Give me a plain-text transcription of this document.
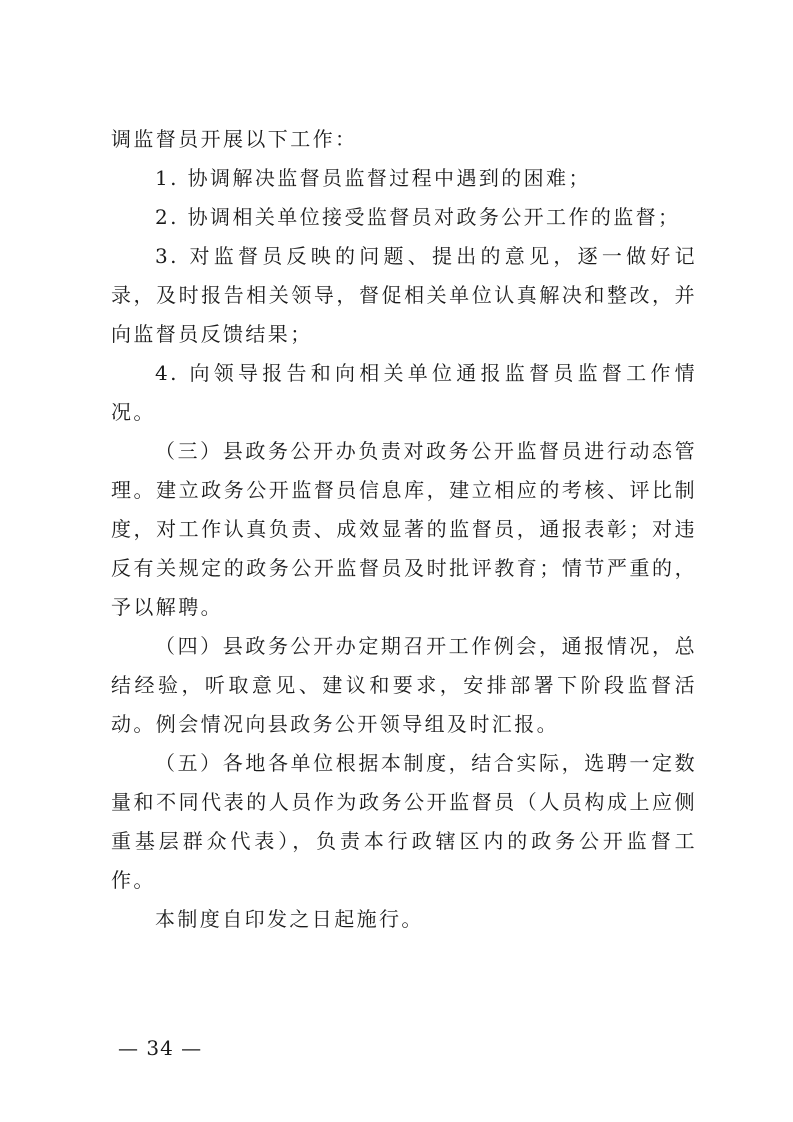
调监督员开展以下工作：

1. 协调解决监督员监督过程中遇到的困难；

2. 协调相关单位接受监督员对政务公开工作的监督；

3. 对监督员反映的问题、提出的意见，逐一做好记录，及时报告相关领导，督促相关单位认真解决和整改，并向监督员反馈结果；

4. 向领导报告和向相关单位通报监督员监督工作情况。

（三）县政务公开办负责对政务公开监督员进行动态管理。建立政务公开监督员信息库，建立相应的考核、评比制度，对工作认真负责、成效显著的监督员，通报表彰；对违反有关规定的政务公开监督员及时批评教育；情节严重的，予以解聘。

（四）县政务公开办定期召开工作例会，通报情况，总结经验，听取意见、建议和要求，安排部署下阶段监督活动。例会情况向县政务公开领导组及时汇报。

（五）各地各单位根据本制度，结合实际，选聘一定数量和不同代表的人员作为政务公开监督员（人员构成上应侧重基层群众代表），负责本行政辖区内的政务公开监督工作。

本制度自印发之日起施行。

— 34 —
